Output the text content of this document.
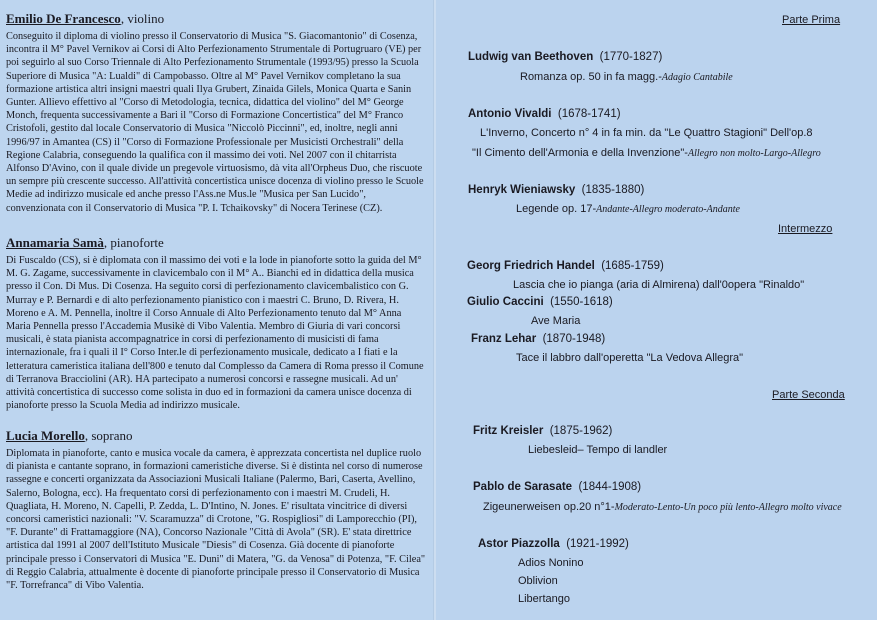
Emilio De Francesco, violino

Conseguito il diploma di violino presso il Conservatorio di Musica "S. Giacomantonio" di Cosenza, incontra il M° Pavel Vernikov ai Corsi di Alto Perfezionamento Strumentale di Portugruaro (VE) per poi seguirlo al suo Corso Triennale di Alto Perfezionamento Strumentale (1993/95) presso la Scuola Superiore di Musica "A: Lualdi" di Campobasso. Oltre al M° Pavel Vernikov completano la sua formazione artistica altri insigni maestri quali Ilya Grubert, Zinaida Gilels, Monica Quarta e Sanin Gunter. Allievo effettivo al "Corso di Metodologia, tecnica, didattica del violino" del M° George Monch, frequenta successivamente a Bari il "Corso di Formazione Concertistica" del M° Franco Cristofoli, gestito dal locale Conservatorio di Musica "Niccolò Piccinni", ed, inoltre, negli anni 1996/97 in Amantea (CS) il "Corso di Formazione Professionale per Musicisti Orchestrali" della Regione Calabria, conseguendo la qualifica con il massimo dei voti. Nel 2007 con il chitarrista Alfonso D'Avino, con il quale divide un pregevole virtuosismo, dà vita all'Orpheus Duo, che riscuote un sempre più crescente successo. All'attività concertistica unisce docenza di violino presso le Scuole Medie ad indirizzo musicale ed anche presso l'Ass.ne Mus.le "Musica per San Lucido", convenzionata con il Conservatorio di Musica "P. I. Tchaikovsky" di Nocera Terinese (CZ).

Annamaria Samà, pianoforte

Di Fuscaldo (CS), si è diplomata con il massimo dei voti e la lode in pianoforte sotto la guida del M° M. G. Zagame, successivamente in clavicembalo con il M° A.. Bianchi ed in didattica della musica presso il Con. Di Mus. Di Cosenza. Ha seguito corsi di perfezionamento clavicembalistico con G. Murray e P. Bernardi e di alto perfezionamento pianistico con i maestri C. Bruno, D. Rivera, H. Moreno e A. M. Pennella, inoltre il Corso Annuale di Alto Perfezionamento tenuto dal M° Anna Maria Pennella presso l'Accademia Musikè di Vibo Valentia. Membro di Giuria di vari concorsi musicali, è stata pianista accompagnatrice in corsi di perfezionamento di musicisti di fama internazionale, fra i quali il I° Corso Inter.le di perfezionamento musicale, dedicato a I fiati e la letteratura cameristica italiana dell'800 e tenuto dal Complesso da Camera di Roma presso il Comune di Terranova Bracciolini (AR). HA partecipato a numerosi concorsi e rassegne musicali. Ad un' attività concertistica di successo come solista in duo ed in formazioni da camera unisce docenza di pianoforte presso la Scuola Media ad indirizzo musicale.

Lucia Morello, soprano

Diplomata in pianoforte, canto e musica vocale da camera, è apprezzata concertista nel duplice ruolo di pianista e cantante soprano, in formazioni cameristiche diverse. Si è distinta nel corso di numerose rassegne e concerti organizzata da Associazioni Musicali Italiane (Palermo, Bari, Caserta, Avellino, Salerno, Bologna, ecc). Ha frequentato corsi di perfezionamento con i maestri M. Crudeli, H. Quagliata, H. Moreno, N. Capelli, P. Zedda, L. D'Intino, N. Jones. E' risultata vincitrice di diversi concorsi cameristici nazionali: "V. Scaramuzza" di Crotone, "G. Rospigliosi" di Lamporecchio (PI), "F. Durante" di Frattamaggiore (NA), Concorso Nazionale "Città di Avola" (SR). E' stata direttrice artistica dal 1991 al 2007 dell'Istituto Musicale "Diesis" di Cosenza. Già docente di pianoforte principale presso i Conservatori di Musica "E. Duni" di Matera, "G. da Venosa" di Potenza, "F. Cilea" di Reggio Calabria, attualmente è docente di pianoforte principale presso il Conservatorio di Musica "F. Torrefranca" di Vibo Valentia.

Parte Prima
Ludwig van Beethoven (1770-1827)
Romanza op. 50 in fa magg.-Adagio Cantabile
Antonio Vivaldi (1678-1741)
L'Inverno, Concerto n° 4 in fa min. da "Le Quattro Stagioni" Dell'op.8
"Il Cimento dell'Armonia e della Invenzione"-Allegro non molto-Largo-Allegro
Henryk Wieniawsky (1835-1880)
Legende op. 17-Andante-Allegro moderato-Andante
Intermezzo
Georg Friedrich Handel (1685-1759)
Lascia che io pianga (aria di Almirena) dall'0opera "Rinaldo"
Giulio Caccini (1550-1618)
Ave Maria
Franz Lehar (1870-1948)
Tace il labbro dall'operetta "La Vedova Allegra"
Parte Seconda
Fritz Kreisler (1875-1962)
Liebesleid– Tempo di landler
Pablo de Sarasate (1844-1908)
Zigeunerweisen op.20 n°1-Moderato-Lento-Un poco più lento-Allegro molto vivace
Astor Piazzolla (1921-1992)
Adios Nonino
Oblivion
Libertango
